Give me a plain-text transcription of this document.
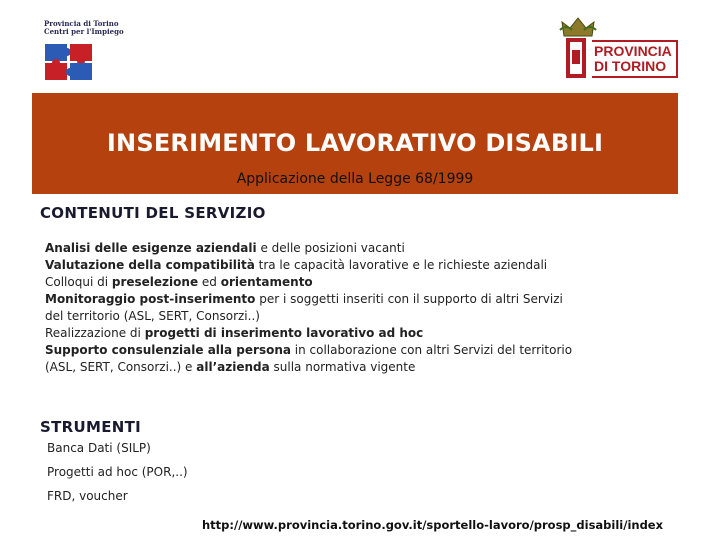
Provincia di Torino
Centri per l'Impiego
PROVINCIA
DI TORINO
INSERIMENTO LAVORATIVO DISABILI
Applicazione della Legge 68/1999
CONTENUTI DEL SERVIZIO
Analisi delle esigenze aziendali e delle posizioni vacanti
Valutazione della compatibilità tra le capacità lavorative e le richieste aziendali
Colloqui di preselezione ed orientamento
Monitoraggio post-inserimento per i soggetti inseriti con il supporto di altri Servizi
del territorio (ASL, SERT, Consorzi..)
Realizzazione di progetti di inserimento lavorativo ad hoc
Supporto consulenziale alla persona in collaborazione con altri Servizi del territorio
(ASL, SERT, Consorzi..) e all’azienda sulla normativa vigente
STRUMENTI
Banca Dati (SILP)
Progetti ad hoc (POR,..)
FRD, voucher
http://www.provincia.torino.gov.it/sportello-lavoro/prosp_disabili/index
